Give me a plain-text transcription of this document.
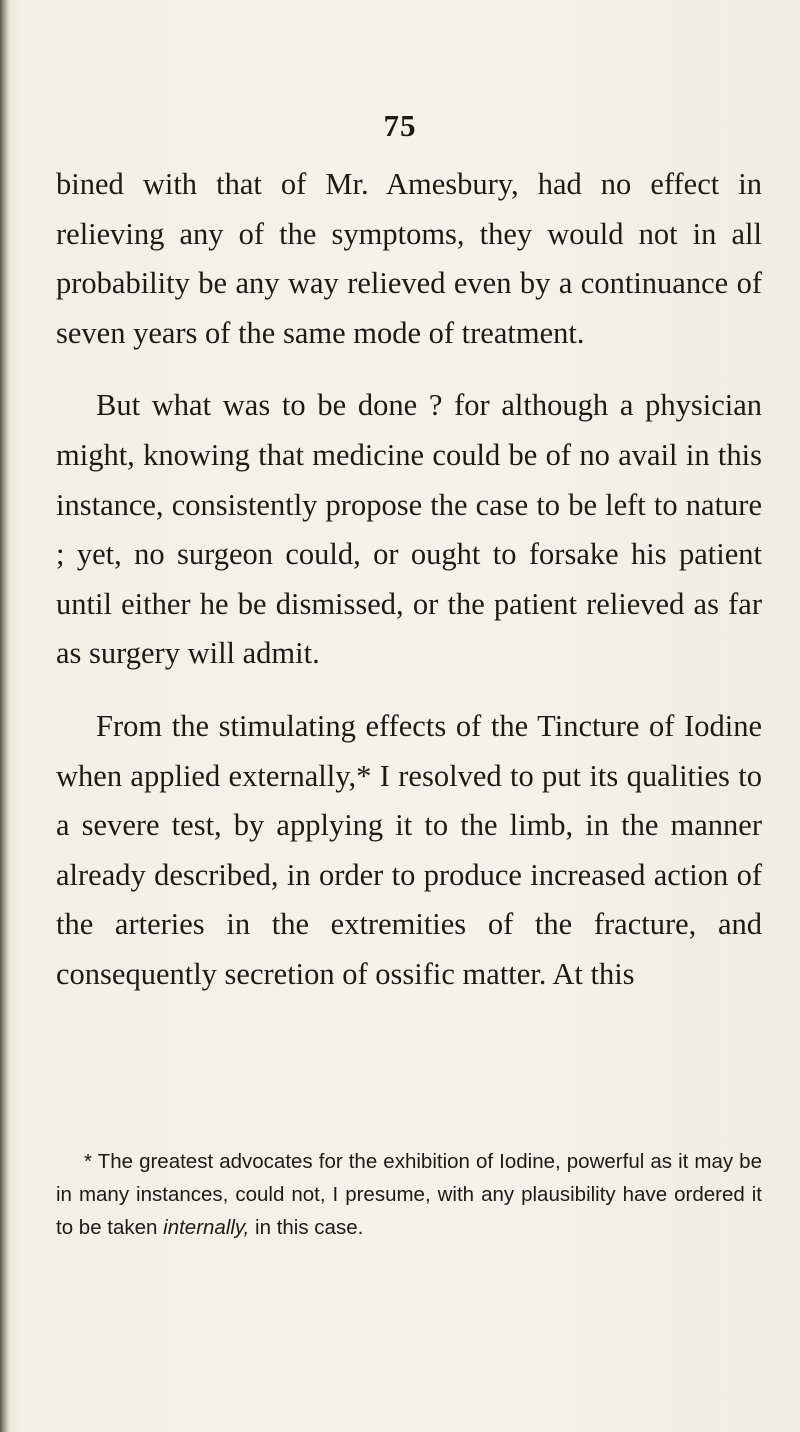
75

bined with that of Mr. Amesbury, had no effect in relieving any of the symptoms, they would not in all probability be any way relieved even by a continuance of seven years of the same mode of treatment.

But what was to be done ? for although a physician might, knowing that medicine could be of no avail in this instance, consistently propose the case to be left to nature ; yet, no surgeon could, or ought to forsake his patient until either he be dismissed, or the patient relieved as far as surgery will admit.

From the stimulating effects of the Tincture of Iodine when applied externally,* I resolved to put its qualities to a severe test, by applying it to the limb, in the manner already described, in order to produce increased action of the arteries in the extremities of the fracture, and consequently secretion of ossific matter. At this

* The greatest advocates for the exhibition of Iodine, powerful as it may be in many instances, could not, I presume, with any plausibility have ordered it to be taken internally, in this case.
